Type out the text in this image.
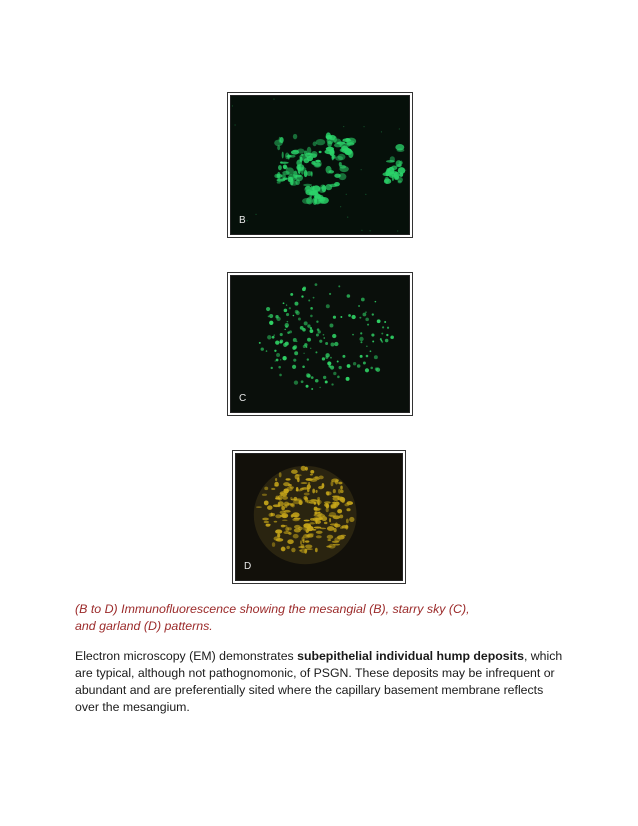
B
C
D
(B to D) Immunofluorescence showing the mesangial (B), starry sky (C),
and garland (D) patterns.
Electron microscopy (EM) demonstrates subepithelial individual hump deposits, which are typical, although not pathognomonic, of PSGN. These deposits may be infrequent or abundant and are preferentially sited where the capillary basement membrane reflects over the mesangium.
